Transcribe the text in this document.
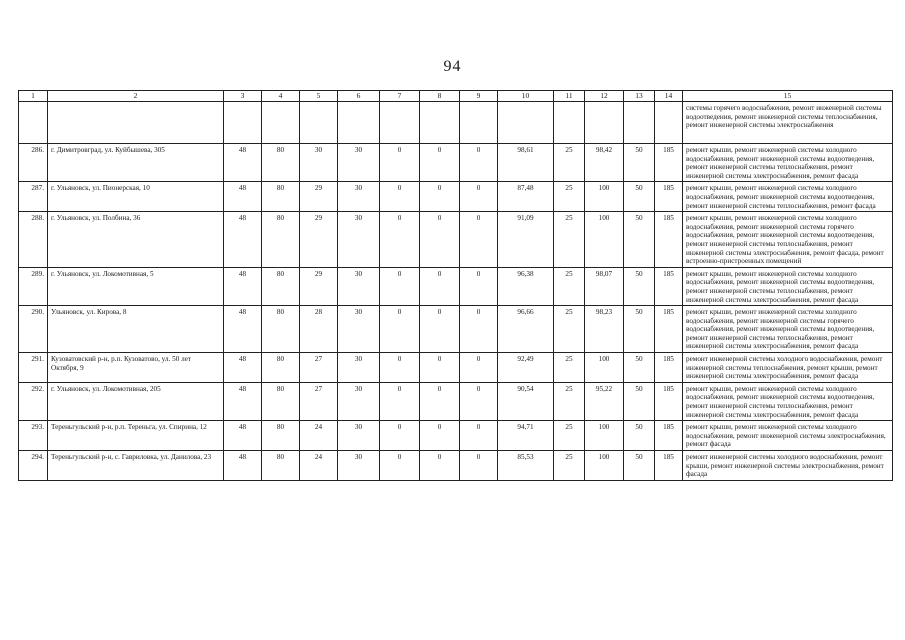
94
1	2	3	4	5	6	7	8	9	10	11	12	13	14	15
														системы горячего водоснабжения, ремонт инженерной системы водоотведения, ремонт инженерной системы теплоснабжения, ремонт инженерной системы электроснабжения
286.	г. Димитровград, ул. Куйбышева, 305	48	80	30	30	0	0	0	98,61	25	98,42	50	185	ремонт крыши, ремонт инженерной системы холодного водоснабжения, ремонт инженерной системы водоотведения, ремонт инженерной системы теплоснабжения, ремонт инженерной системы электроснабжения, ремонт фасада
287.	г. Ульяновск, ул. Пионерская, 10	48	80	29	30	0	0	0	87,48	25	100	50	185	ремонт крыши, ремонт инженерной системы холодного водоснабжения, ремонт инженерной системы водоотведения, ремонт инженерной системы теплоснабжения, ремонт фасада
288.	г. Ульяновск, ул. Полбина, 36	48	80	29	30	0	0	0	91,09	25	100	50	185	ремонт крыши, ремонт инженерной системы холодного водоснабжения, ремонт инженерной системы горячего водоснабжения, ремонт инженерной системы водоотведения, ремонт инженерной системы теплоснабжения, ремонт инженерной системы электроснабжения, ремонт фасада, ремонт встроенно-пристроенных помещений
289.	г. Ульяновск, ул. Локомотивная, 5	48	80	29	30	0	0	0	96,38	25	98,07	50	185	ремонт крыши, ремонт инженерной системы холодного водоснабжения, ремонт инженерной системы водоотведения, ремонт инженерной системы теплоснабжения, ремонт инженерной системы электроснабжения, ремонт фасада
290.	Ульяновск, ул. Кирова, 8	48	80	28	30	0	0	0	96,66	25	98,23	50	185	ремонт крыши, ремонт инженерной системы холодного водоснабжения, ремонт инженерной системы горячего водоснабжения, ремонт инженерной системы водоотведения, ремонт инженерной системы теплоснабжения, ремонт инженерной системы электроснабжения, ремонт фасада
291.	Кузоватовский р-н, р.п. Кузоватово, ул. 50 лет Октября, 9	48	80	27	30	0	0	0	92,49	25	100	50	185	ремонт инженерной системы холодного водоснабжения, ремонт инженерной системы теплоснабжения, ремонт крыши, ремонт инженерной системы электроснабжения, ремонт фасада
292.	г. Ульяновск, ул. Локомотивная, 205	48	80	27	30	0	0	0	90,54	25	95,22	50	185	ремонт крыши, ремонт инженерной системы холодного водоснабжения, ремонт инженерной системы водоотведения, ремонт инженерной системы теплоснабжения, ремонт инженерной системы электроснабжения, ремонт фасада
293.	Тереньгульский р-н, р.п. Тереньга, ул. Спирина, 12	48	80	24	30	0	0	0	94,71	25	100	50	185	ремонт крыши, ремонт инженерной системы холодного водоснабжения, ремонт инженерной системы электроснабжения, ремонт фасада
294.	Тереньгульский р-н, с. Гавриловка, ул. Данилова, 23	48	80	24	30	0	0	0	85,53	25	100	50	185	ремонт инженерной системы холодного водоснабжения, ремонт крыши, ремонт инженерной системы электроснабжения, ремонт фасада
